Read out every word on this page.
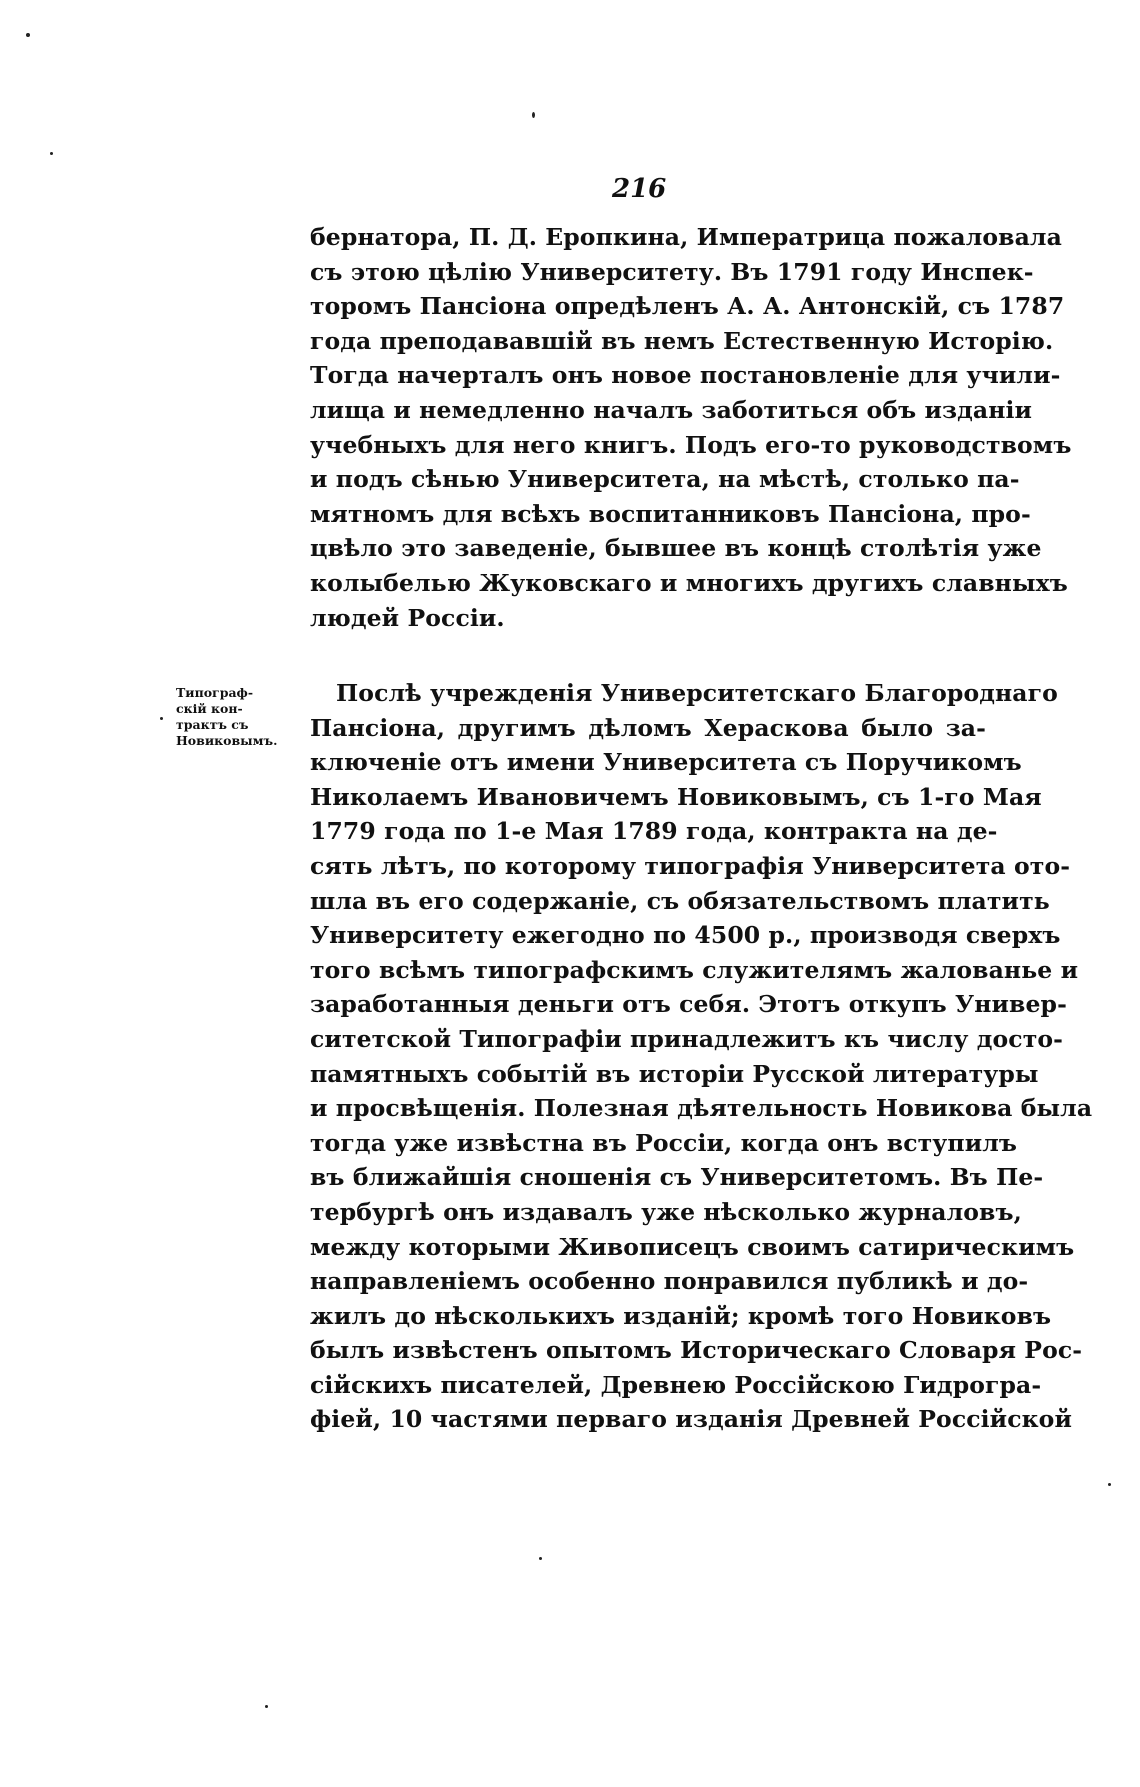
216
бернатора, П. Д. Еропкина, Императрица пожаловала
съ этою цѣлію Университету. Въ 1791 году Инспек-
торомъ Пансіона опредѣленъ А. А. Антонскій, съ 1787
года преподававшій въ немъ Естественную Исторію.
Тогда начерталъ онъ новое постановленіе для учили-
лища и немедленно началъ заботиться объ изданіи
учебныхъ для него книгъ. Подъ его-то руководствомъ
и подъ сѣнью Университета, на мѣстѣ, столько па-
мятномъ для всѣхъ воспитанниковъ Пансіона, про-
цвѣло это заведеніе, бывшее въ концѣ столѣтія уже
колыбелью Жуковскаго и многихъ другихъ славныхъ
людей Россіи.
Типограф-
скій кон-
трактъ съ
Новиковымъ.
Послѣ учрежденія Университетскаго Благороднаго
Пансіона, другимъ дѣломъ Хераскова было за-
ключеніе отъ имени Университета съ Поручикомъ
Николаемъ Ивановичемъ Новиковымъ, съ 1-го Мая
1779 года по 1-е Мая 1789 года, контракта на де-
сять лѣтъ, по которому типографія Университета ото-
шла въ его содержаніе, съ обязательствомъ платить
Университету ежегодно по 4500 р., производя сверхъ
того всѣмъ типографскимъ служителямъ жалованье и
заработанныя деньги отъ себя. Этотъ откупъ Универ-
ситетской Типографіи принадлежитъ къ числу досто-
памятныхъ событій въ исторіи Русской литературы
и просвѣщенія. Полезная дѣятельность Новикова была
тогда уже извѣстна въ Россіи, когда онъ вступилъ
въ ближайшія сношенія съ Университетомъ. Въ Пе-
тербургѣ онъ издавалъ уже нѣсколько журналовъ,
между которыми Живописецъ своимъ сатирическимъ
направленіемъ особенно понравился публикѣ и до-
жилъ до нѣсколькихъ изданій; кромѣ того Новиковъ
былъ извѣстенъ опытомъ Историческаго Словаря Рос-
сійскихъ писателей, Древнею Россійскою Гидрогра-
фіей, 10 частями перваго изданія Древней Россійской
